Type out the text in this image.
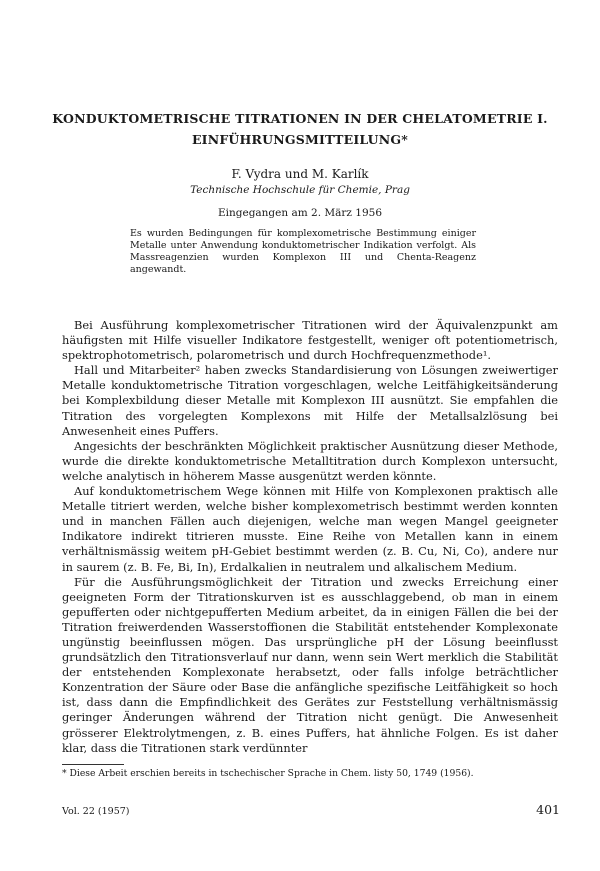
KONDUKTOMETRISCHE TITRATIONEN IN DER CHELATOMETRIE I. EINFÜHRUNGSMITTEILUNG*
F. Vydra und M. Karlík
Technische Hochschule für Chemie, Prag
Eingegangen am 2. März 1956
Es wurden Bedingungen für komplexometrische Bestimmung einiger Metalle unter Anwendung konduktometrischer Indikation verfolgt. Als Massreagenzien wurden Komplexon III und Chenta-Reagenz angewandt.

Bei Ausführung komplexometrischer Titrationen wird der Äquivalenzpunkt am häufigsten mit Hilfe visueller Indikatore festgestellt, weniger oft potentiometrisch, spektrophotometrisch, polarometrisch und durch Hochfrequenzmethode¹.

Hall und Mitarbeiter² haben zwecks Standardisierung von Lösungen zweiwertiger Metalle konduktometrische Titration vorgeschlagen, welche Leitfähigkeitsänderung bei Komplexbildung dieser Metalle mit Komplexon III ausnützt. Sie empfahlen die Titration des vorgelegten Komplexons mit Hilfe der Metallsalzlösung bei Anwesenheit eines Puffers.

Angesichts der beschränkten Möglichkeit praktischer Ausnützung dieser Methode, wurde die direkte konduktometrische Metalltitration durch Komplexon untersucht, welche analytisch in höherem Masse ausgenützt werden könnte.

Auf konduktometrischem Wege können mit Hilfe von Komplexonen praktisch alle Metalle titriert werden, welche bisher komplexometrisch bestimmt werden konnten und in manchen Fällen auch diejenigen, welche man wegen Mangel geeigneter Indikatore indirekt titrieren musste. Eine Reihe von Metallen kann in einem verhältnismässig weitem pH-Gebiet bestimmt werden (z. B. Cu, Ni, Co), andere nur in saurem (z. B. Fe, Bi, In), Erdalkalien in neutralem und alkalischem Medium.

Für die Ausführungsmöglichkeit der Titration und zwecks Erreichung einer geeigneten Form der Titrationskurven ist es ausschlaggebend, ob man in einem gepufferten oder nichtgepufferten Medium arbeitet, da in einigen Fällen die bei der Titration freiwerdenden Wasserstoffionen die Stabilität entstehender Komplexonate ungünstig beeinflussen mögen. Das ursprüngliche pH der Lösung beeinflusst grundsätzlich den Titrationsverlauf nur dann, wenn sein Wert merklich die Stabilität der entstehenden Komplexonate herabsetzt, oder falls infolge beträchtlicher Konzentration der Säure oder Base die anfängliche spezifische Leitfähigkeit so hoch ist, dass dann die Empfindlichkeit des Gerätes zur Feststellung verhältnismässig geringer Änderungen während der Titration nicht genügt. Die Anwesenheit grösserer Elektrolytmengen, z. B. eines Puffers, hat ähnliche Folgen. Es ist daher klar, dass die Titrationen stark verdünnter

* Diese Arbeit erschien bereits in tschechischer Sprache in Chem. listy 50, 1749 (1956).
Vol. 22 (1957)	401
